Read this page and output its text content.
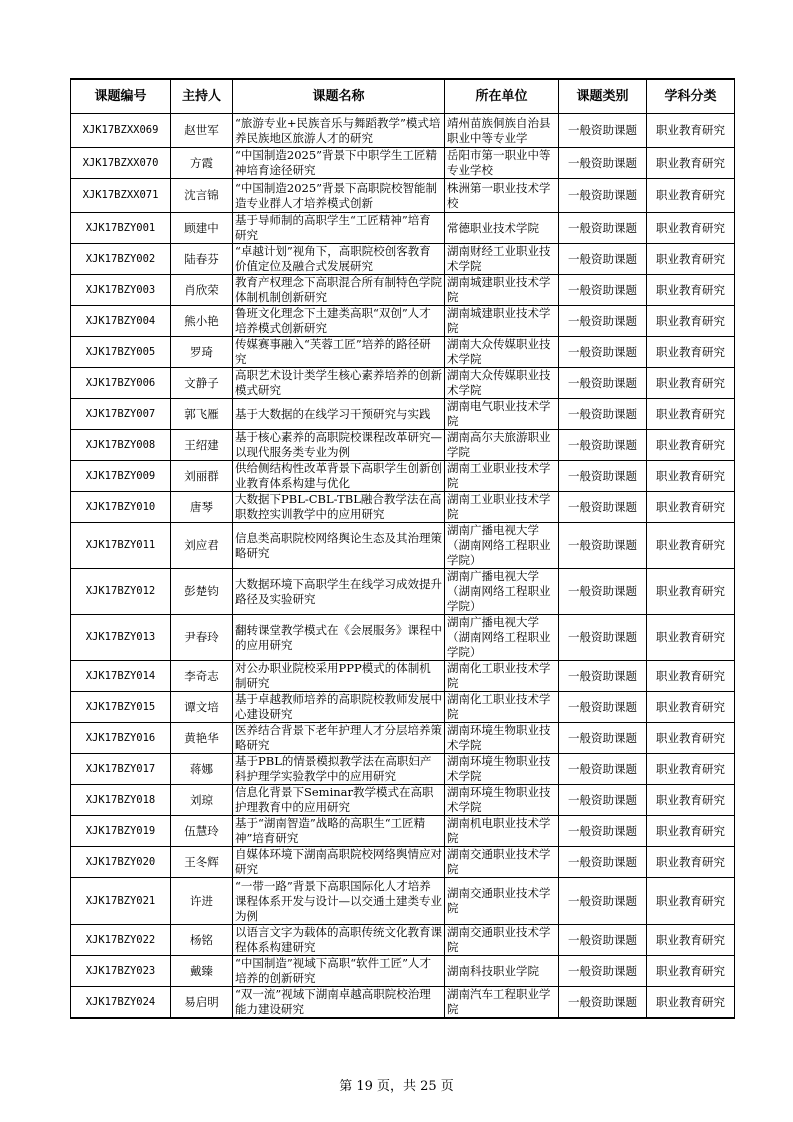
课题编号	主持人	课题名称	所在单位	课题类别	学科分类
XJK17BZXX069	赵世军	“旅游专业+民族音乐与舞蹈教学”模式培养民族地区旅游人才的研究	靖州苗族侗族自治县职业中等专业学	一般资助课题	职业教育研究
XJK17BZXX070	方霞	“中国制造2025”背景下中职学生工匠精神培育途径研究	岳阳市第一职业中等专业学校	一般资助课题	职业教育研究
XJK17BZXX071	沈言锦	“中国制造2025”背景下高职院校智能制造专业群人才培养模式创新	株洲第一职业技术学校	一般资助课题	职业教育研究
XJK17BZY001	顾建中	基于导师制的高职学生“工匠精神”培育研究	常德职业技术学院	一般资助课题	职业教育研究
XJK17BZY002	陆春芬	“卓越计划”视角下，高职院校创客教育价值定位及融合式发展研究	湖南财经工业职业技术学院	一般资助课题	职业教育研究
XJK17BZY003	肖欣荣	教育产权理念下高职混合所有制特色学院体制机制创新研究	湖南城建职业技术学院	一般资助课题	职业教育研究
XJK17BZY004	熊小艳	鲁班文化理念下土建类高职“双创”人才培养模式创新研究	湖南城建职业技术学院	一般资助课题	职业教育研究
XJK17BZY005	罗琦	传媒赛事融入“芙蓉工匠”培养的路径研究	湖南大众传媒职业技术学院	一般资助课题	职业教育研究
XJK17BZY006	文静子	高职艺术设计类学生核心素养培养的创新模式研究	湖南大众传媒职业技术学院	一般资助课题	职业教育研究
XJK17BZY007	郭飞雁	基于大数据的在线学习干预研究与实践	湖南电气职业技术学院	一般资助课题	职业教育研究
XJK17BZY008	王绍建	基于核心素养的高职院校课程改革研究—以现代服务类专业为例	湖南高尔夫旅游职业学院	一般资助课题	职业教育研究
XJK17BZY009	刘丽群	供给侧结构性改革背景下高职学生创新创业教育体系构建与优化	湖南工业职业技术学院	一般资助课题	职业教育研究
XJK17BZY010	唐琴	大数据下PBL-CBL-TBL融合教学法在高职数控实训教学中的应用研究	湖南工业职业技术学院	一般资助课题	职业教育研究
XJK17BZY011	刘应君	信息类高职院校网络舆论生态及其治理策略研究	湖南广播电视大学（湖南网络工程职业学院）	一般资助课题	职业教育研究
XJK17BZY012	彭楚钧	大数据环境下高职学生在线学习成效提升路径及实验研究	湖南广播电视大学（湖南网络工程职业学院）	一般资助课题	职业教育研究
XJK17BZY013	尹春玲	翻转课堂教学模式在《会展服务》课程中的应用研究	湖南广播电视大学（湖南网络工程职业学院）	一般资助课题	职业教育研究
XJK17BZY014	李奇志	对公办职业院校采用PPP模式的体制机制研究	湖南化工职业技术学院	一般资助课题	职业教育研究
XJK17BZY015	谭文培	基于卓越教师培养的高职院校教师发展中心建设研究	湖南化工职业技术学院	一般资助课题	职业教育研究
XJK17BZY016	黄艳华	医养结合背景下老年护理人才分层培养策略研究	湖南环境生物职业技术学院	一般资助课题	职业教育研究
XJK17BZY017	蒋娜	基于PBL的情景模拟教学法在高职妇产科护理学实验教学中的应用研究	湖南环境生物职业技术学院	一般资助课题	职业教育研究
XJK17BZY018	刘琼	信息化背景下Seminar教学模式在高职护理教育中的应用研究	湖南环境生物职业技术学院	一般资助课题	职业教育研究
XJK17BZY019	伍慧玲	基于“湖南智造”战略的高职生“工匠精神”培育研究	湖南机电职业技术学院	一般资助课题	职业教育研究
XJK17BZY020	王冬辉	自媒体环境下湖南高职院校网络舆情应对研究	湖南交通职业技术学院	一般资助课题	职业教育研究
XJK17BZY021	许进	“一带一路”背景下高职国际化人才培养课程体系开发与设计—以交通土建类专业为例	湖南交通职业技术学院	一般资助课题	职业教育研究
XJK17BZY022	杨铭	以语言文字为载体的高职传统文化教育课程体系构建研究	湖南交通职业技术学院	一般资助课题	职业教育研究
XJK17BZY023	戴臻	“中国制造”视域下高职“软件工匠”人才培养的创新研究	湖南科技职业学院	一般资助课题	职业教育研究
XJK17BZY024	易启明	“双一流”视域下湖南卓越高职院校治理能力建设研究	湖南汽车工程职业学院	一般资助课题	职业教育研究
第 19 页，共 25 页
